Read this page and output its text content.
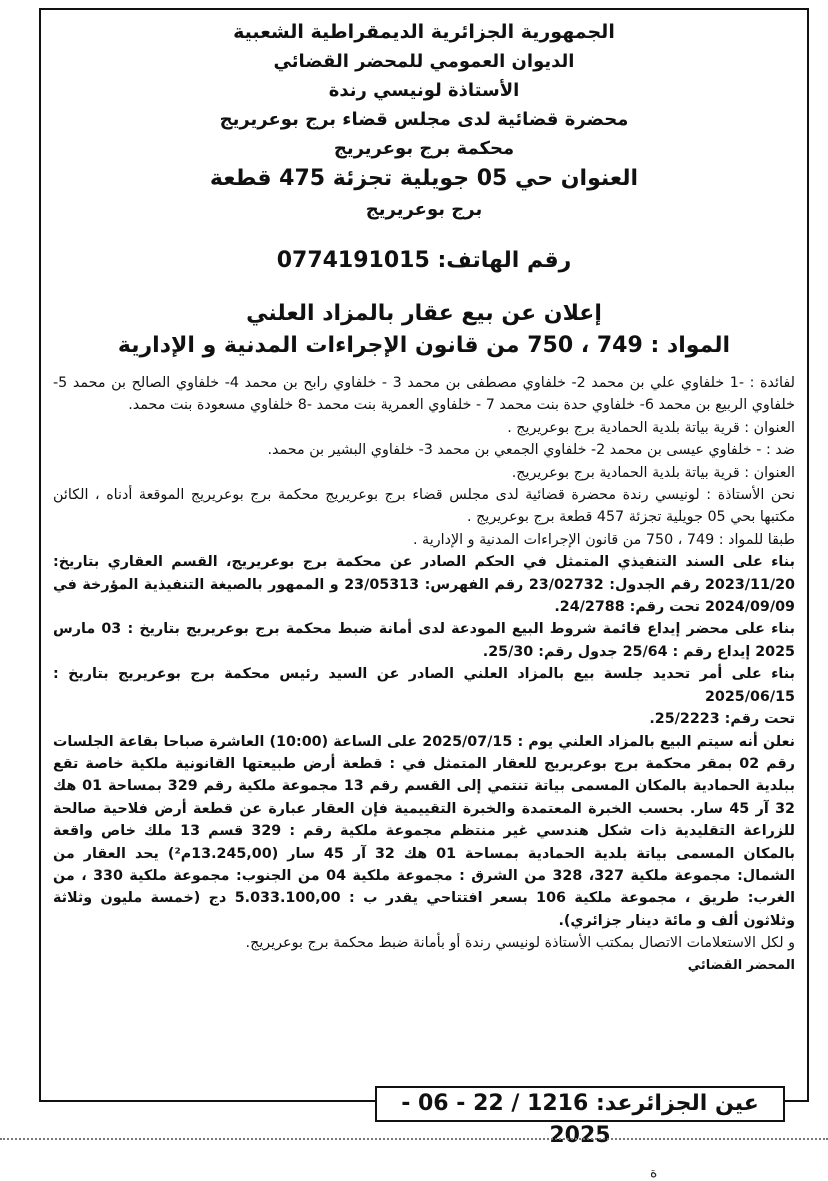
الجمهورية الجزائرية الديمقراطية الشعبية

الديوان العمومي للمحضر القضائي

الأستاذة لونيسي رندة

محضرة قضائية لدى مجلس قضاء برج بوعريريج

محكمة برج بوعريريج

العنوان حي 05 جويلية تجزئة 475 قطعة

برج بوعريريج

رقم الهاتف: 0774191015

إعلان عن بيع عقار بالمزاد العلني

المواد : 749 ، 750 من قانون الإجراءات المدنية و الإدارية

لفائدة : -1 خلفاوي علي بن محمد 2- خلفاوي مصطفى بن محمد 3 - خلفاوي رابح بن محمد 4- خلفاوي الصالح بن محمد 5- خلفاوي الربيع بن محمد 6- خلفاوي حدة بنت محمد 7 - خلفاوي العمرية بنت محمد -8 خلفاوي مسعودة بنت محمد.

العنوان : قرية بياتة بلدية الحمادية برج بوعريريج .

ضد : - خلفاوي عيسى بن محمد 2- خلفاوي الجمعي بن محمد 3- خلفاوي البشير بن محمد.

العنوان : قرية بياتة بلدية الحمادية برج بوعريريج.

نحن الأستاذة : لونيسي رندة محضرة قضائية لدى مجلس قضاء برج بوعريريج محكمة برج بوعريريج الموقعة أدناه ، الكائن مكتبها بحي 05 جويلية تجزئة 457 قطعة برج بوعريريج .

طبقا للمواد : 749 ، 750 من قانون الإجراءات المدنية و الإدارية .

بناء على السند التنفيذي المتمثل في الحكم الصادر عن محكمة برج بوعريريج، القسم العقاري بتاريخ: 2023/11/20 رقم الجدول: 23/02732 رقم الفهرس: 23/05313 و الممهور بالصيغة التنفيذية المؤرخة في 2024/09/09 تحت رقم: 24/2788.

بناء على محضر إيداع قائمة شروط البيع المودعة لدى أمانة ضبط محكمة برج بوعريريج بتاريخ : 03 مارس 2025 إيداع رقم : 25/64 جدول رقم: 25/30.

بناء على أمر تحديد جلسة بيع بالمزاد العلني الصادر عن السيد رئيس محكمة برج بوعريريج بتاريخ : 2025/06/15

تحت رقم: 25/2223.

نعلن أنه سيتم البيع بالمزاد العلني يوم : 2025/07/15 على الساعة (10:00) العاشرة صباحا بقاعة الجلسات رقم 02 بمقر محكمة برج بوعريريج للعقار المتمثل في : قطعة أرض طبيعتها القانونية ملكية خاصة تقع ببلدية الحمادية بالمكان المسمى بياتة تنتمي إلى القسم رقم 13 مجموعة ملكية رقم 329 بمساحة 01 هك 32 آر 45 سار. بحسب الخبرة المعتمدة والخبرة التقييمية فإن العقار عبارة عن قطعة أرض فلاحية صالحة للزراعة التقليدية ذات شكل هندسي غير منتظم مجموعة ملكية رقم : 329 قسم 13 ملك خاص واقعة بالمكان المسمى بياتة بلدية الحمادية بمساحة 01 هك 32 آر 45 سار (13.245,00م²) يحد العقار من الشمال: مجموعة ملكية 327، 328 من الشرق : مجموعة ملكية 04 من الجنوب: مجموعة ملكية 330 ، من الغرب: طريق ، مجموعة ملكية 106 بسعر افتتاحي يقدر ب : 5.033.100,00 دج (خمسة مليون وثلاثة وثلاثون ألف و مائة دينار جزائري).

و لكل الاستعلامات الاتصال بمكتب الأستاذة لونيسي رندة أو بأمانة ضبط محكمة برج بوعريريج.

المحضر القضائي

عين الجزائرعد: 1216 / 22 - 06 - 2025
ة
